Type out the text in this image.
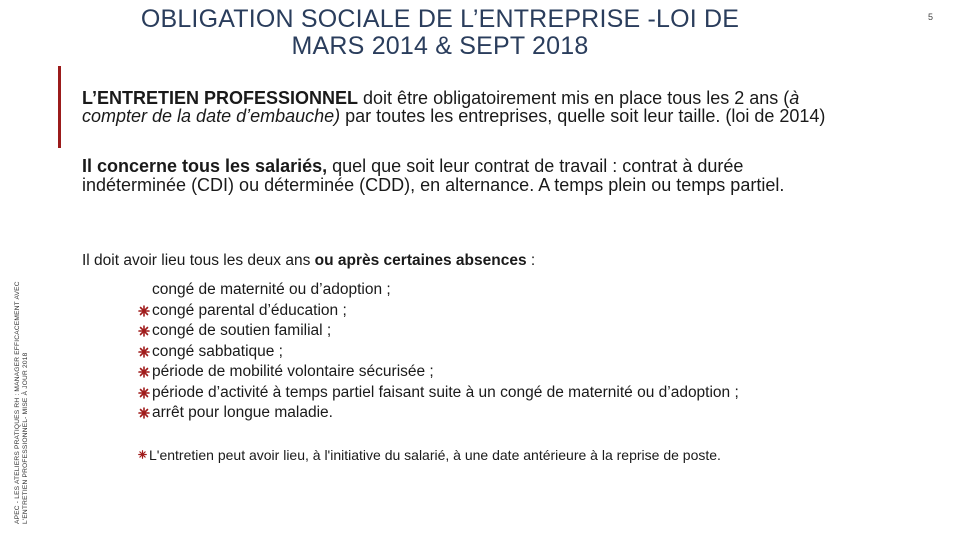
OBLIGATION SOCIALE DE L’ENTREPRISE -LOI DE
MARS 2014 & SEPT 2018
5
APEC - LES ATELIERS PRATIQUES RH : MANAGER EFFICACEMENT AVEC L'ENTRETIEN PROFESSIONNEL- MISE À JOUR 2018
L’ENTRETIEN PROFESSIONNEL doit être obligatoirement mis en place tous les 2 ans (à compter de la date d’embauche) par toutes les entreprises, quelle soit leur taille. (loi de 2014)
Il concerne tous les salariés, quel que soit leur contrat de travail : contrat à durée indéterminée (CDI) ou déterminée (CDD), en alternance. A temps plein ou temps partiel.
Il doit avoir lieu tous les deux ans ou après certaines absences :
congé de maternité ou d’adoption ;
congé parental d’éducation ;
congé de soutien familial ;
congé sabbatique ;
période de mobilité volontaire sécurisée ;
période d’activité à temps partiel faisant suite à un congé de maternité ou d’adoption ;
arrêt pour longue maladie.
L'entretien peut avoir lieu, à l'initiative du salarié, à une date antérieure à la reprise de poste.
